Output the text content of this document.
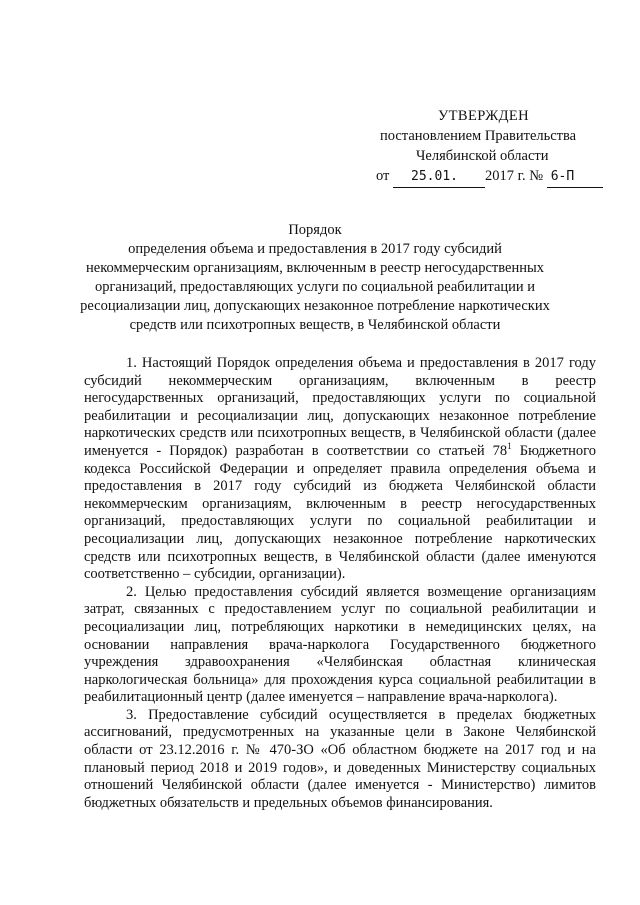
УТВЕРЖДЕН
постановлением Правительства
Челябинской области
от 25.01. 2017 г. № 6-П
Порядок
определения объема и предоставления в 2017 году субсидий
некоммерческим организациям, включенным в реестр негосударственных
организаций, предоставляющих услуги по социальной реабилитации и
ресоциализации лиц, допускающих незаконное потребление наркотических
средств или психотропных веществ, в Челябинской области

1. Настоящий Порядок определения объема и предоставления в 2017 году субсидий некоммерческим организациям, включенным в реестр негосударственных организаций, предоставляющих услуги по социальной реабилитации и ресоциализации лиц, допускающих незаконное потребление наркотических средств или психотропных веществ, в Челябинской области (далее именуется - Порядок) разработан в соответствии со статьей $78^1$ Бюджетного кодекса Российской Федерации и определяет правила определения объема и предоставления в 2017 году субсидий из бюджета Челябинской области некоммерческим организациям, включенным в реестр негосударственных организаций, предоставляющих услуги по социальной реабилитации и ресоциализации лиц, допускающих незаконное потребление наркотических средств или психотропных веществ, в Челябинской области (далее именуются соответственно – субсидии, организации).

2. Целью предоставления субсидий является возмещение организациям затрат, связанных с предоставлением услуг по социальной реабилитации и ресоциализации лиц, потребляющих наркотики в немедицинских целях, на основании направления врача-нарколога Государственного бюджетного учреждения здравоохранения «Челябинская областная клиническая наркологическая больница» для прохождения курса социальной реабилитации в реабилитационный центр (далее именуется – направление врача-нарколога).

3. Предоставление субсидий осуществляется в пределах бюджетных ассигнований, предусмотренных на указанные цели в Законе Челябинской области от 23.12.2016 г. № 470-ЗО «Об областном бюджете на 2017 год и на плановый период 2018 и 2019 годов», и доведенных Министерству социальных отношений Челябинской области (далее именуется - Министерство) лимитов бюджетных обязательств и предельных объемов финансирования.
